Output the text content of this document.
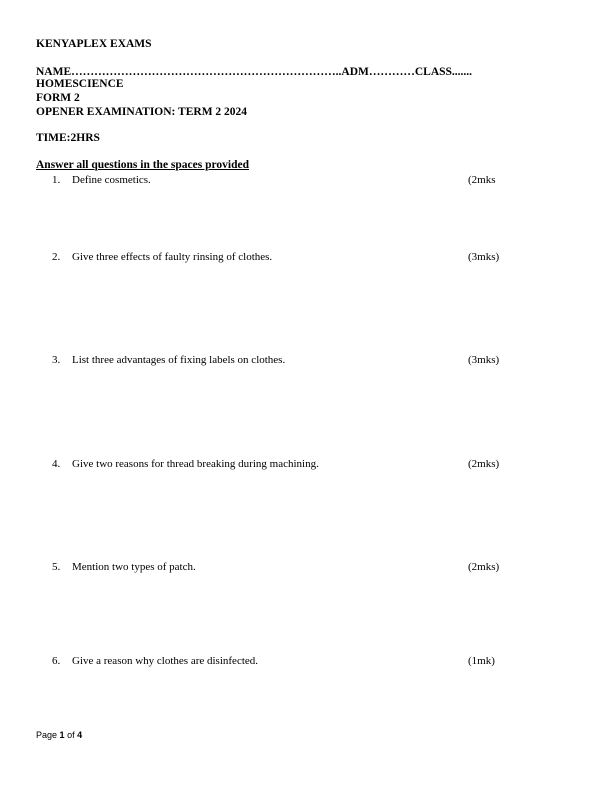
KENYAPLEX EXAMS
NAME……………………………………………………………..ADM…………CLASS.......
HOMESCIENCE
FORM 2
OPENER EXAMINATION: TERM 2 2024
TIME:2HRS
Answer all questions in the spaces provided
1. Define cosmetics.	(2mks
2. Give three effects of faulty rinsing of clothes.	(3mks)
3. List three advantages of fixing labels on clothes.	(3mks)
4. Give two reasons for thread breaking during machining.	(2mks)
5. Mention two types of patch.	(2mks)
6. Give a reason why clothes are disinfected.	(1mk)
Page 1 of 4
